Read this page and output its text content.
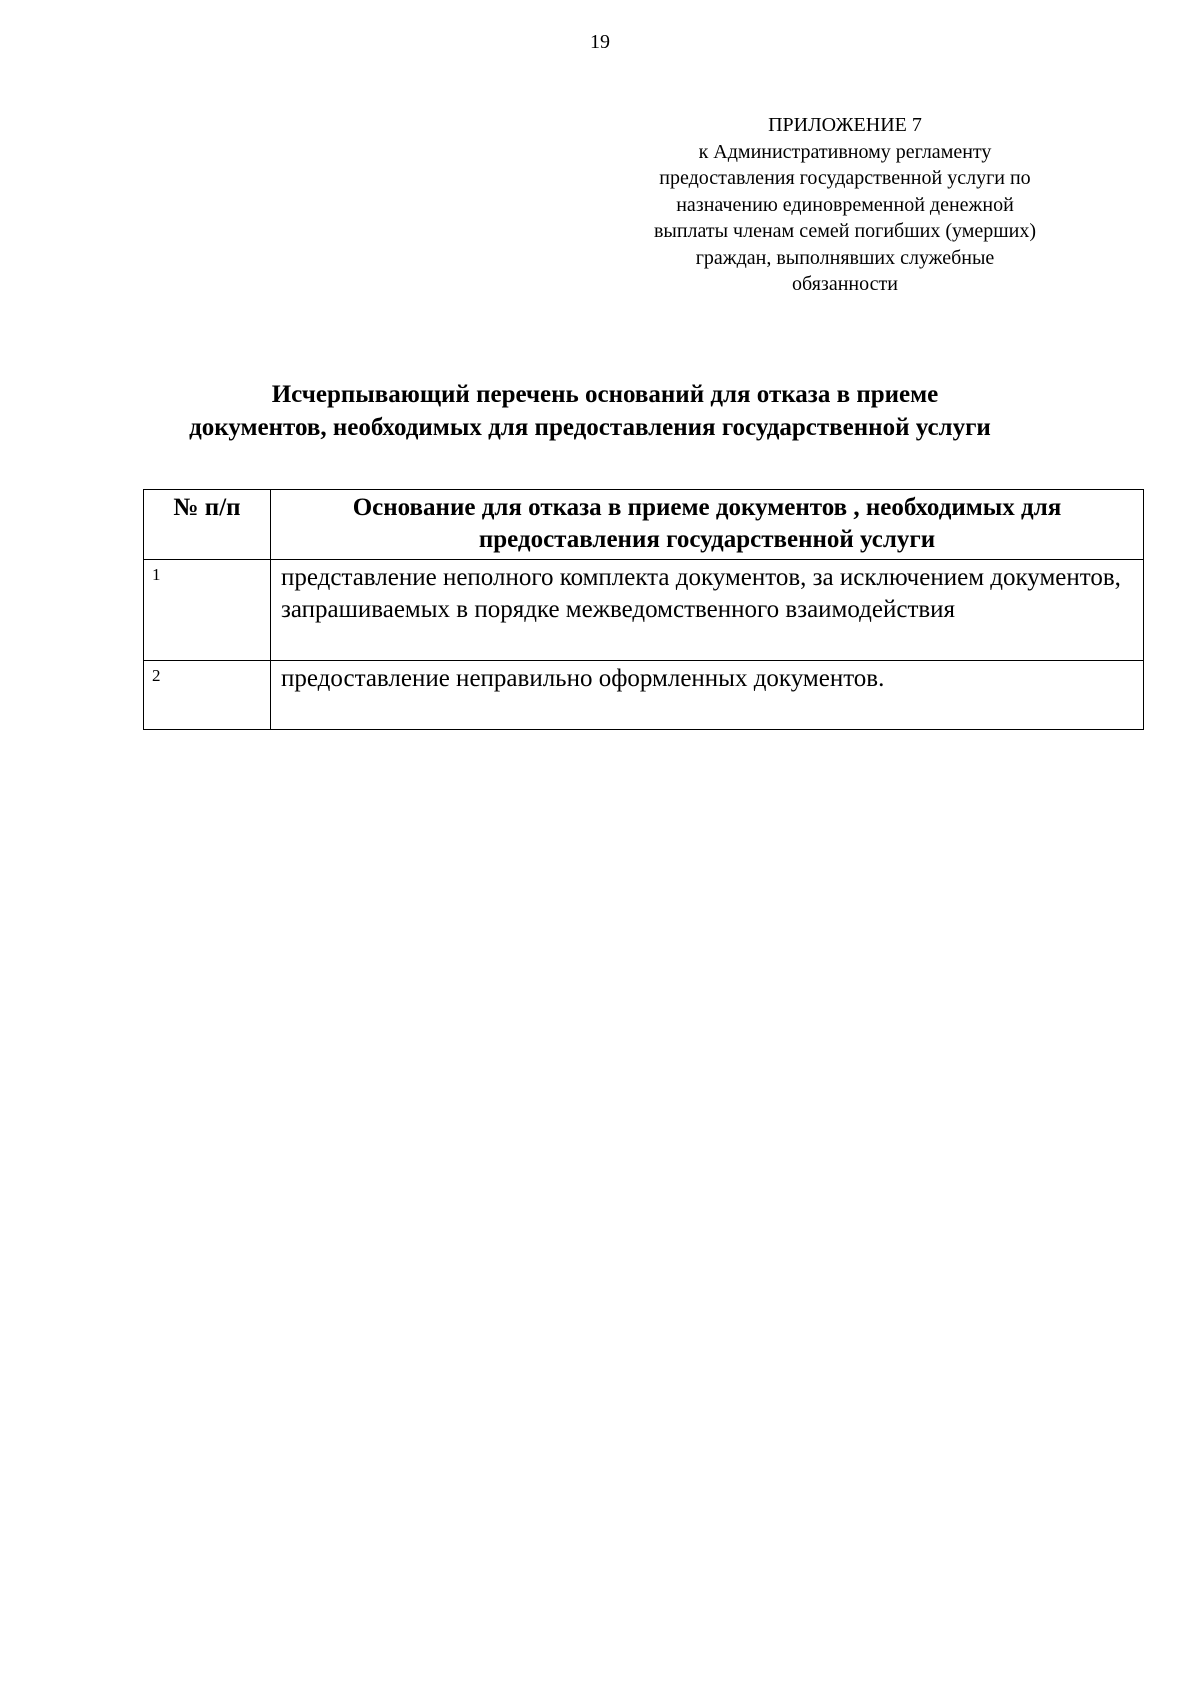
19
ПРИЛОЖЕНИЕ 7
к Административному регламенту
предоставления государственной услуги по
назначению единовременной денежной
выплаты членам семей погибших (умерших)
граждан, выполнявших служебные
обязанности
Исчерпывающий перечень оснований для отказа в приеме
документов, необходимых для предоставления государственной услуги
№ п/п	Основание для отказа в приеме документов , необходимых для предоставления государственной услуги
1	представление неполного комплекта документов, за исключением документов, запрашиваемых в порядке межведомственного взаимодействия
2	предоставление неправильно оформленных документов.
